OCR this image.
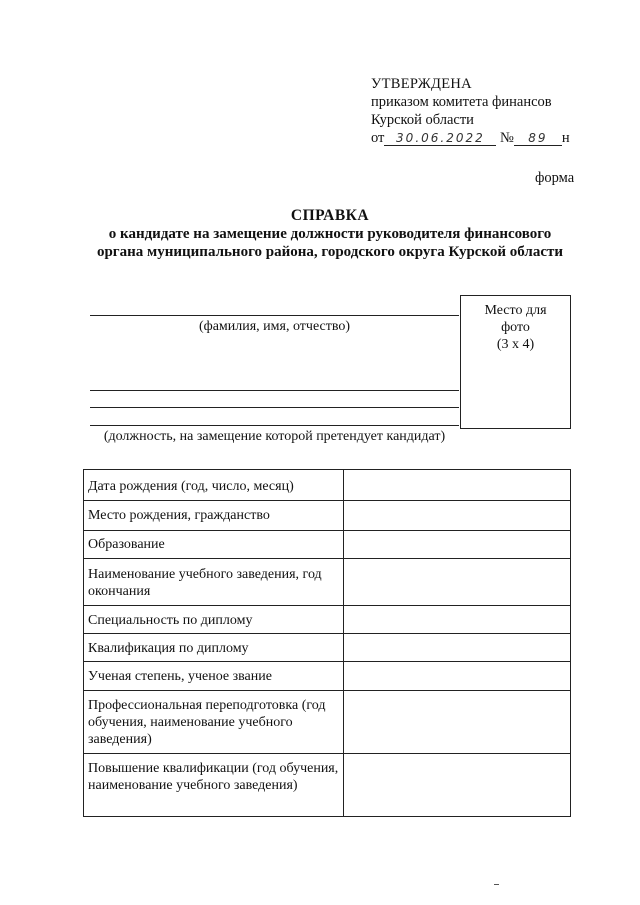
УТВЕРЖДЕНА
приказом комитета финансов
Курской области
от 30.06.2022 № 89 н
форма
СПРАВКА
о кандидате на замещение должности руководителя финансового
органа муниципального района, городского округа Курской области
(фамилия, имя, отчество)
(должность, на замещение которой претендует кандидат)
Место для
фото
(3 x 4)
Дата рождения (год, число, месяц)	
Место рождения, гражданство	
Образование	
Наименование учебного заведения, год окончания	
Специальность по диплому	
Квалификация по диплому	
Ученая степень, ученое звание	
Профессиональная переподготовка (год обучения, наименование учебного заведения)	
Повышение квалификации (год обучения, наименование учебного заведения)	
